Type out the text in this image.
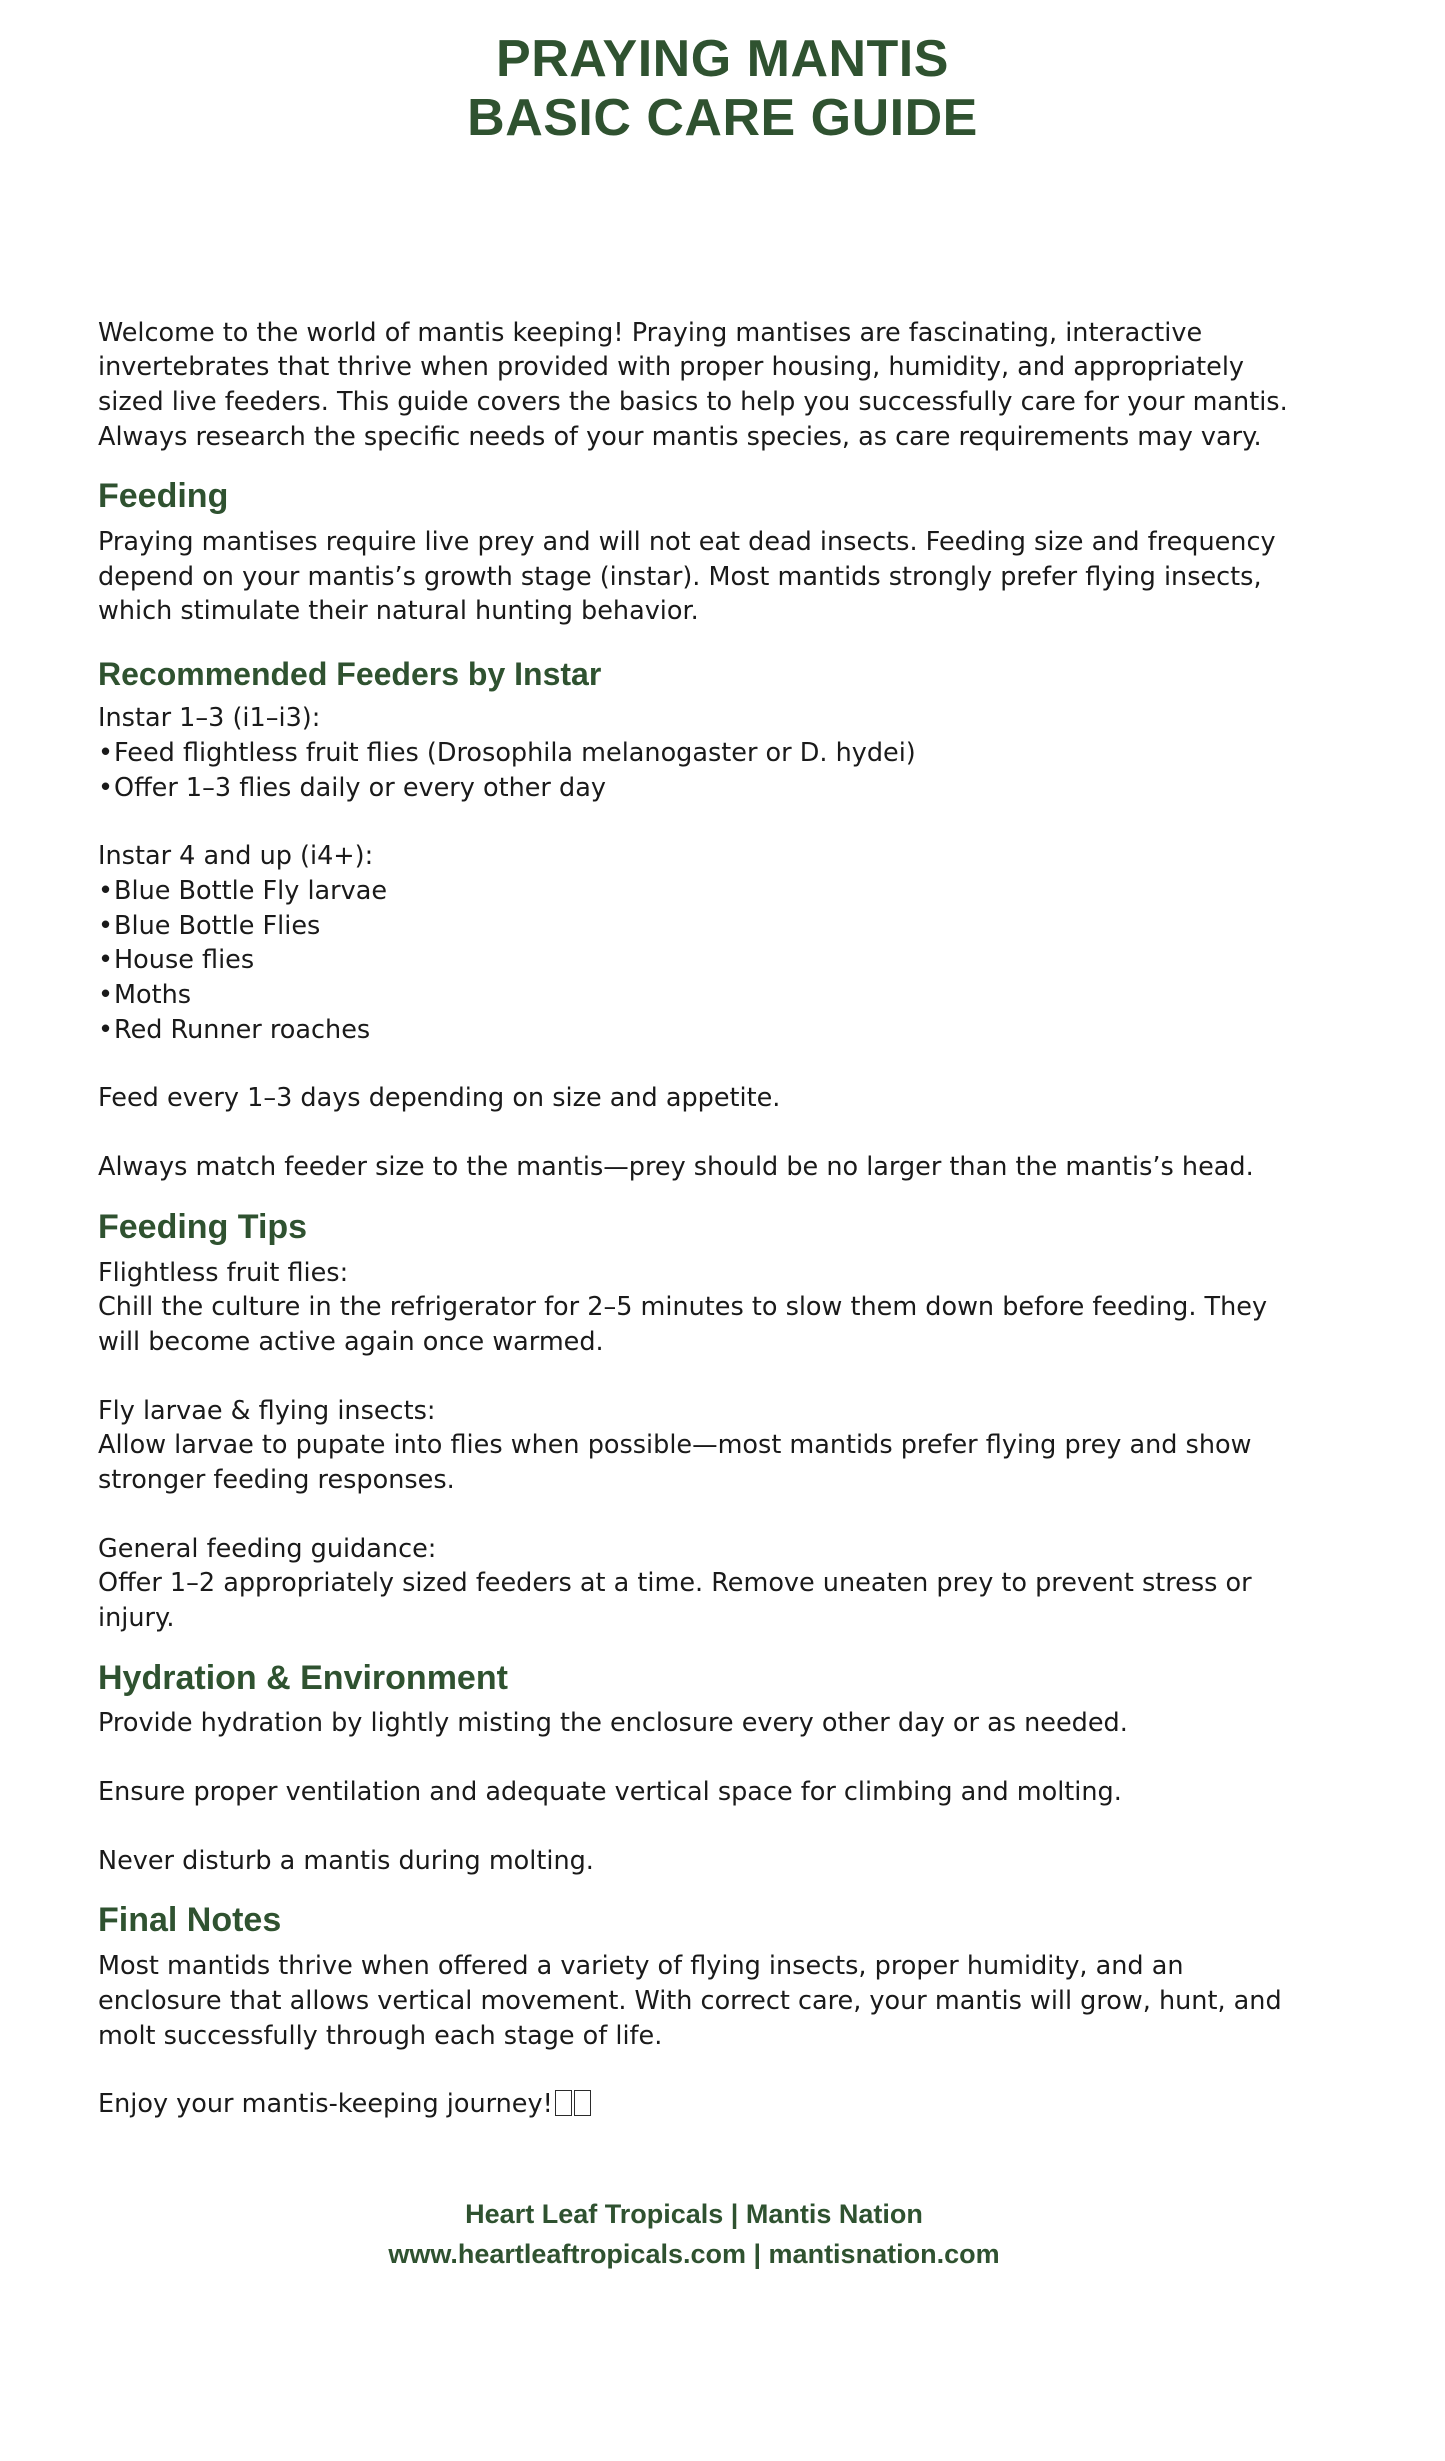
PRAYING MANTIS
BASIC CARE GUIDE

Welcome to the world of mantis keeping! Praying mantises are fascinating, interactive invertebrates that thrive when provided with proper housing, humidity, and appropriately sized live feeders. This guide covers the basics to help you successfully care for your mantis. Always research the specific needs of your mantis species, as care requirements may vary.

Feeding

Praying mantises require live prey and will not eat dead insects. Feeding size and frequency depend on your mantis’s growth stage (instar). Most mantids strongly prefer flying insects, which stimulate their natural hunting behavior.

Recommended Feeders by Instar
Instar 1–3 (i1–i3):
•Feed flightless fruit flies (Drosophila melanogaster or D. hydei)
•Offer 1–3 flies daily or every other day
Instar 4 and up (i4+):
•Blue Bottle Fly larvae
•Blue Bottle Flies
•House flies
•Moths
•Red Runner roaches

Feed every 1–3 days depending on size and appetite.

Always match feeder size to the mantis—prey should be no larger than the mantis’s head.

Feeding Tips
Flightless fruit flies:

Chill the culture in the refrigerator for 2–5 minutes to slow them down before feeding. They will become active again once warmed.

Fly larvae & flying insects:

Allow larvae to pupate into flies when possible—most mantids prefer flying prey and show stronger feeding responses.

General feeding guidance:

Offer 1–2 appropriately sized feeders at a time. Remove uneaten prey to prevent stress or injury.

Hydration & Environment

Provide hydration by lightly misting the enclosure every other day or as needed.

Ensure proper ventilation and adequate vertical space for climbing and molting.

Never disturb a mantis during molting.

Final Notes

Most mantids thrive when offered a variety of flying insects, proper humidity, and an enclosure that allows vertical movement. With correct care, your mantis will grow, hunt, and molt successfully through each stage of life.

Enjoy your mantis-keeping journey!

Heart Leaf Tropicals | Mantis Nation
www.heartleaftropicals.com | mantisnation.com
